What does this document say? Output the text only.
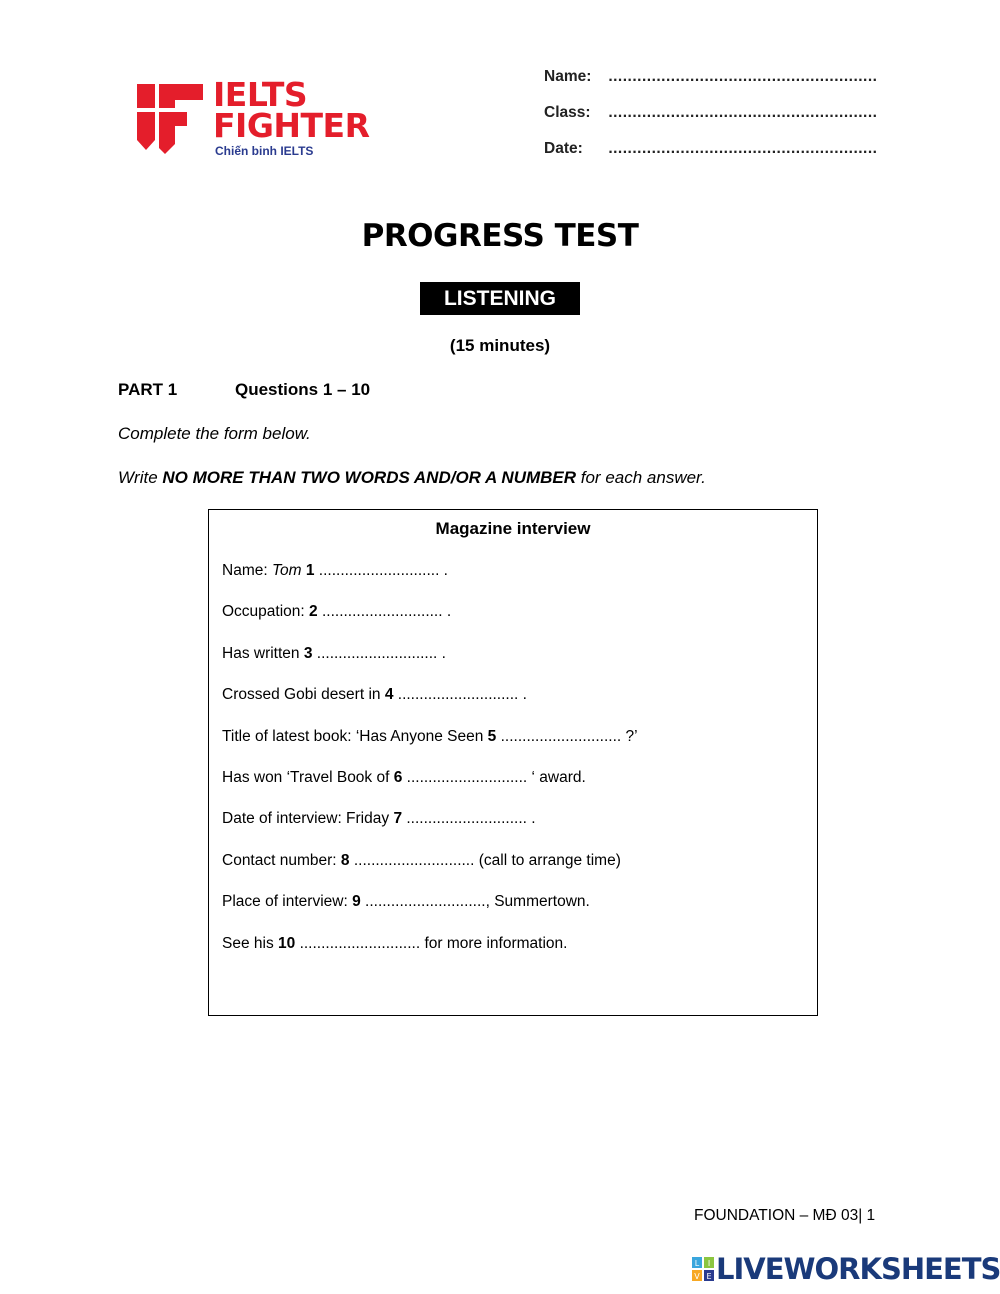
IELTS
FIGHTER
Chiến binh IELTS
Name: ........................................................
Class: ........................................................
Date: ........................................................
PROGRESS TEST
LISTENING
(15 minutes)
PART 1	Questions 1 – 10
Complete the form below.
Write NO MORE THAN TWO WORDS AND/OR A NUMBER for each answer.
Magazine interview
Name: Tom 1 ............................ .
Occupation: 2 ............................ .
Has written 3 ............................ .
Crossed Gobi desert in 4 ............................ .
Title of latest book: ‘Has Anyone Seen 5 ............................ ?’
Has won ‘Travel Book of 6 ............................ ‘ award.
Date of interview: Friday 7 ............................ .
Contact number: 8 ............................ (call to arrange time)
Place of interview: 9 ............................, Summertown.
See his 10 ............................ for more information.
FOUNDATION – MĐ 03| 1
L I
V E LIVEWORKSHEETS
